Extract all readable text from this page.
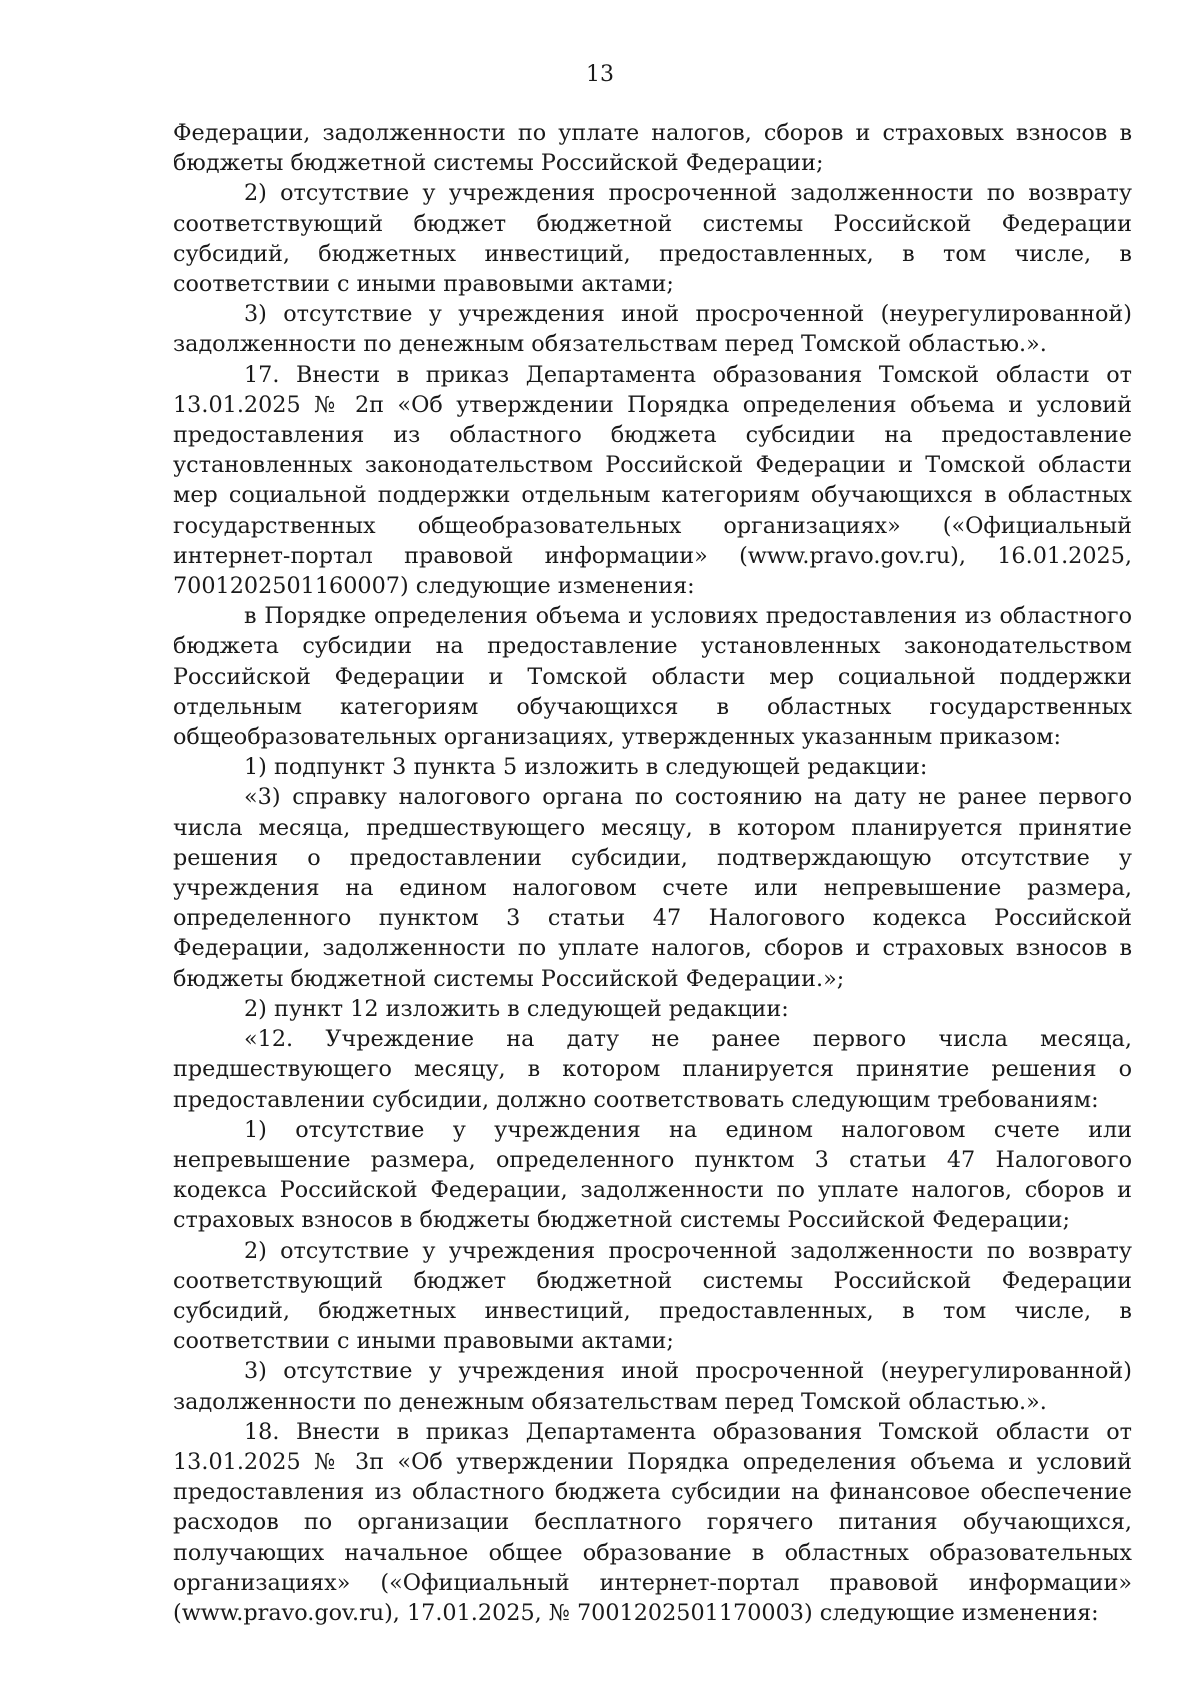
13

Федерации, задолженности по уплате налогов, сборов и страховых взносов в бюджеты бюджетной системы Российской Федерации;

2) отсутствие у учреждения просроченной задолженности по возврату соответствующий бюджет бюджетной системы Российской Федерации субсидий, бюджетных инвестиций, предоставленных, в том числе, в соответствии с иными правовыми актами;

3) отсутствие у учреждения иной просроченной (неурегулированной) задолженности по денежным обязательствам перед Томской областью.».

17. Внести в приказ Департамента образования Томской области от 13.01.2025 № 2п «Об утверждении Порядка определения объема и условий предоставления из областного бюджета субсидии на предоставление установленных законодательством Российской Федерации и Томской области мер социальной поддержки отдельным категориям обучающихся в областных государственных общеобразовательных организациях» («Официальный интернет-портал правовой информации» (www.pravo.gov.ru), 16.01.2025, 7001202501160007) следующие изменения:

в Порядке определения объема и условиях предоставления из областного бюджета субсидии на предоставление установленных законодательством Российской Федерации и Томской области мер социальной поддержки отдельным категориям обучающихся в областных государственных общеобразовательных организациях, утвержденных указанным приказом:

1) подпункт 3 пункта 5 изложить в следующей редакции:

«3) справку налогового органа по состоянию на дату не ранее первого числа месяца, предшествующего месяцу, в котором планируется принятие решения о предоставлении субсидии, подтверждающую отсутствие у учреждения на едином налоговом счете или непревышение размера, определенного пунктом 3 статьи 47 Налогового кодекса Российской Федерации, задолженности по уплате налогов, сборов и страховых взносов в бюджеты бюджетной системы Российской Федерации.»;

2) пункт 12 изложить в следующей редакции:

«12. Учреждение на дату не ранее первого числа месяца, предшествующего месяцу, в котором планируется принятие решения о предоставлении субсидии, должно соответствовать следующим требованиям:

1) отсутствие у учреждения на едином налоговом счете или непревышение размера, определенного пунктом 3 статьи 47 Налогового кодекса Российской Федерации, задолженности по уплате налогов, сборов и страховых взносов в бюджеты бюджетной системы Российской Федерации;

2) отсутствие у учреждения просроченной задолженности по возврату соответствующий бюджет бюджетной системы Российской Федерации субсидий, бюджетных инвестиций, предоставленных, в том числе, в соответствии с иными правовыми актами;

3) отсутствие у учреждения иной просроченной (неурегулированной) задолженности по денежным обязательствам перед Томской областью.».

18. Внести в приказ Департамента образования Томской области от 13.01.2025 № 3п «Об утверждении Порядка определения объема и условий предоставления из областного бюджета субсидии на финансовое обеспечение расходов по организации бесплатного горячего питания обучающихся, получающих начальное общее образование в областных образовательных организациях» («Официальный интернет-портал правовой информации» (www.pravo.gov.ru), 17.01.2025, № 7001202501170003) следующие изменения:
